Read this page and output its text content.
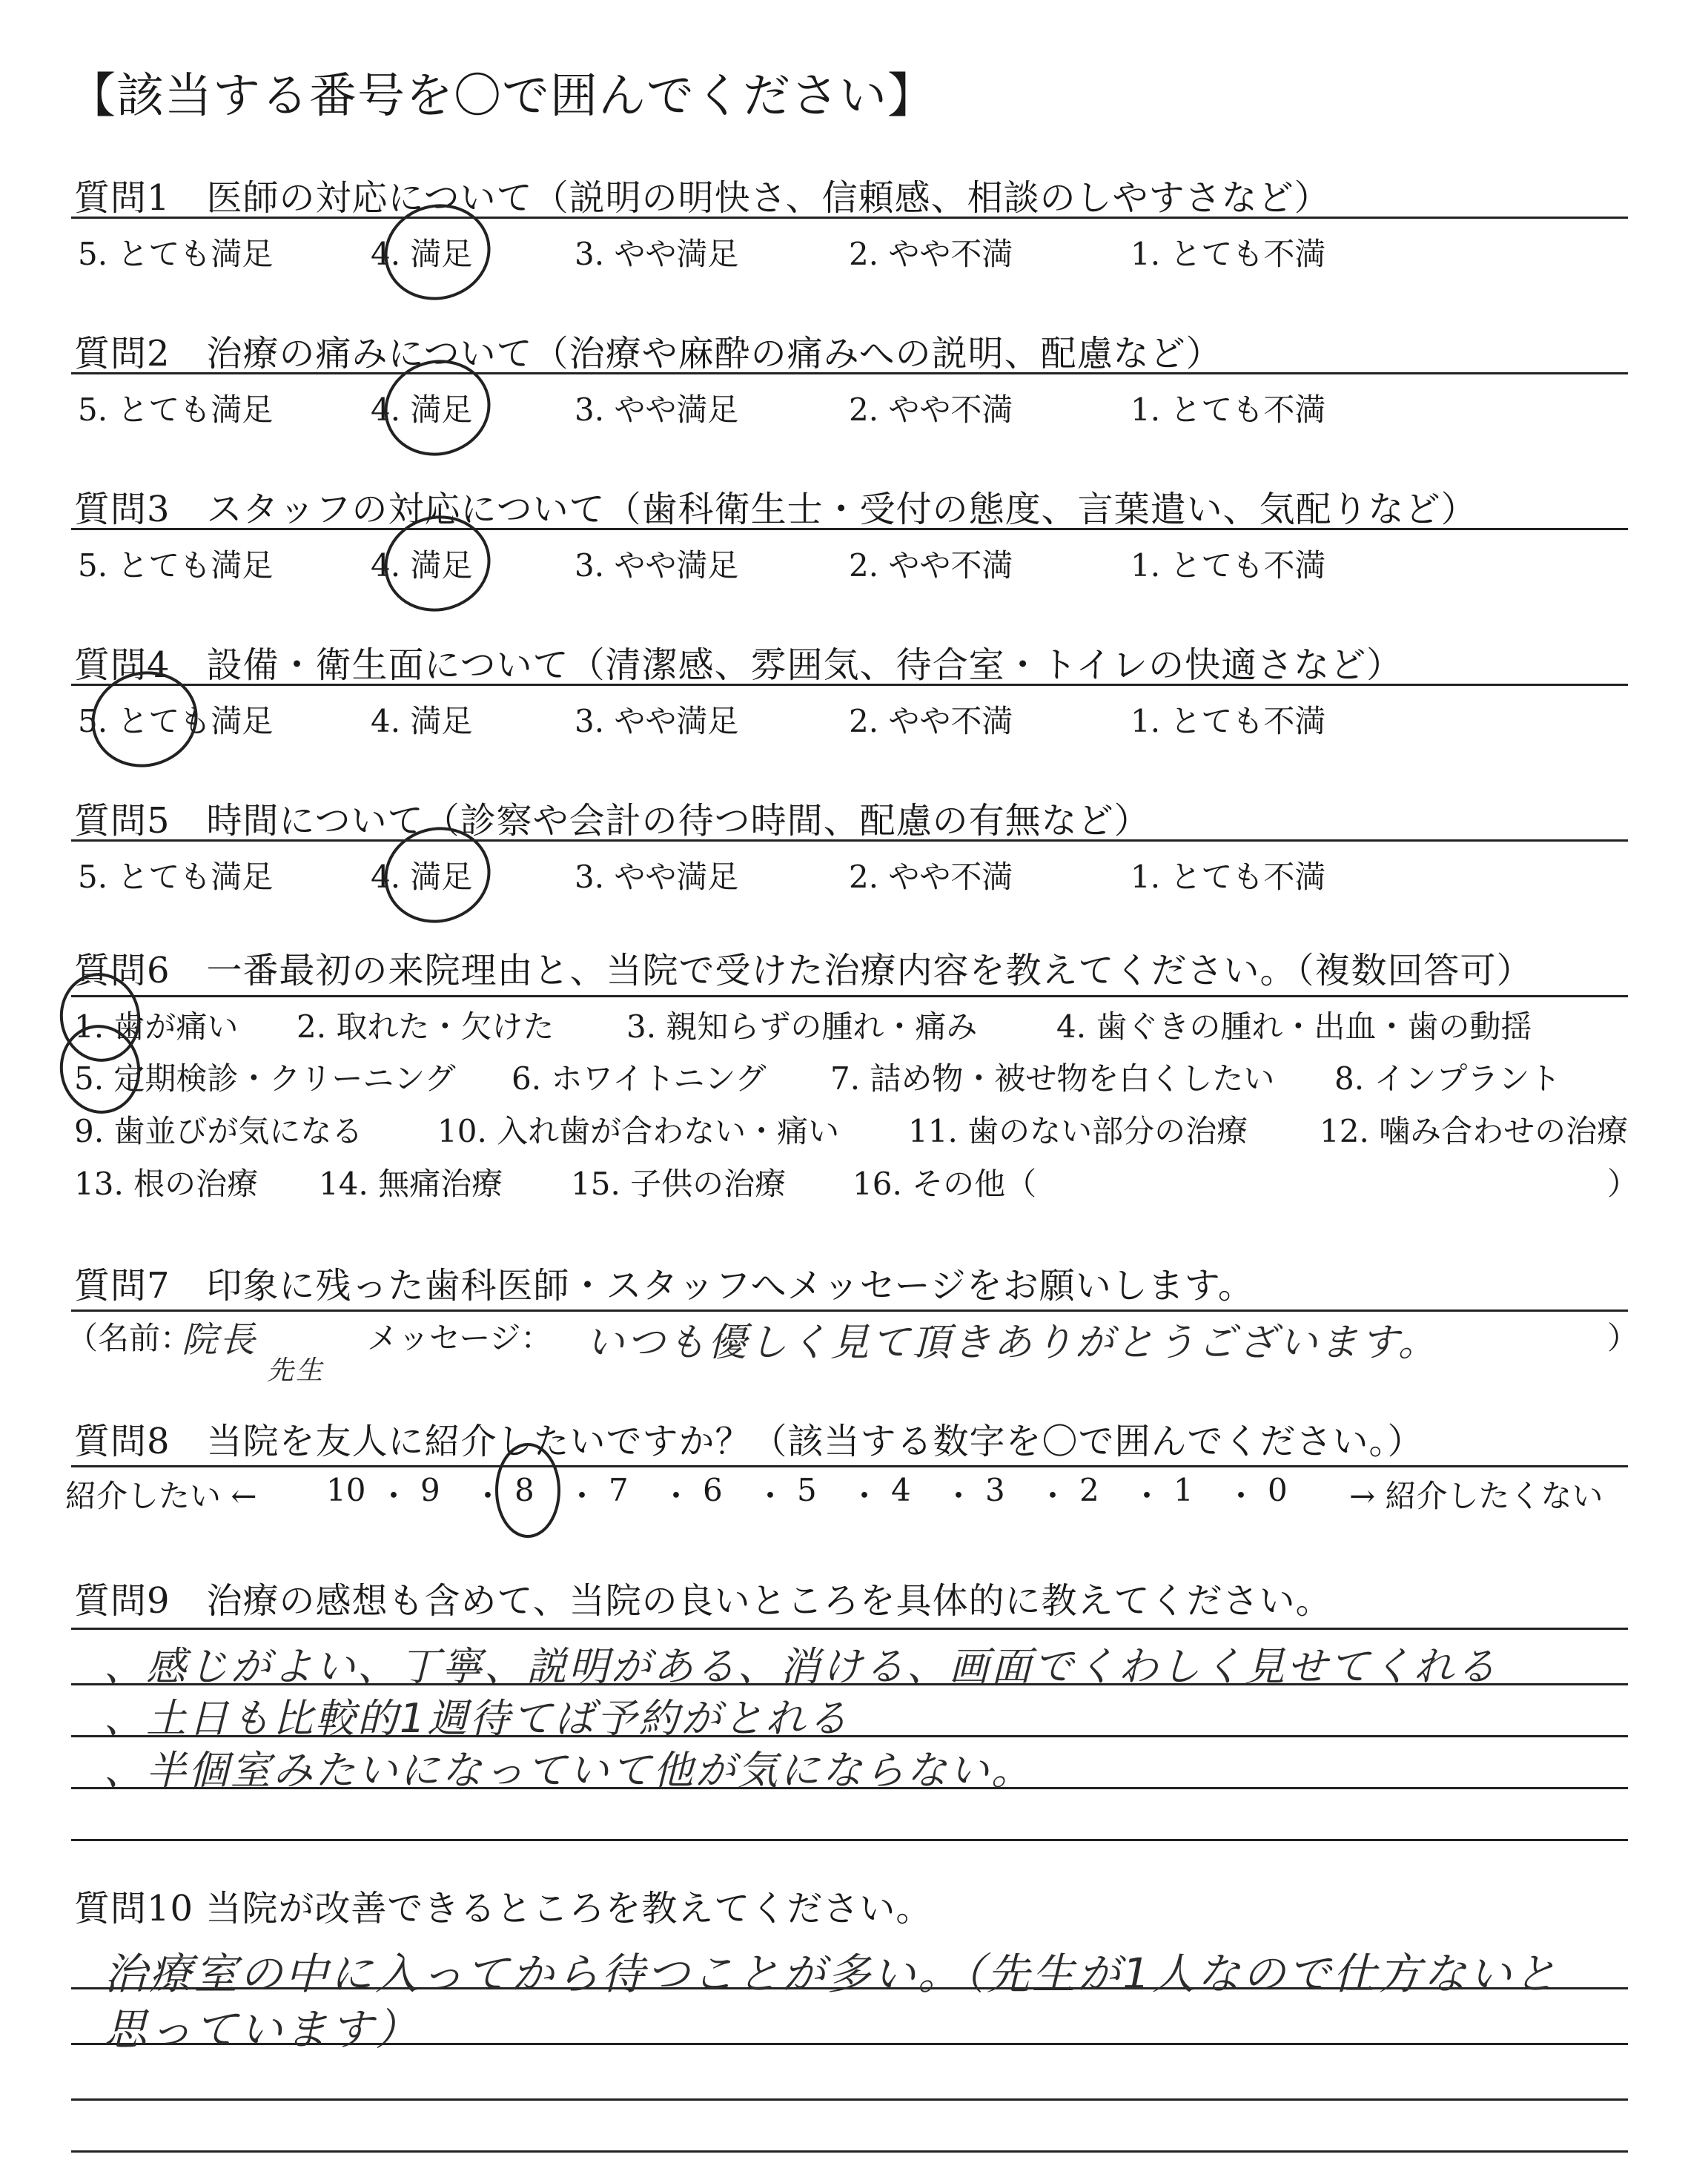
【該当する番号を〇で囲んでください】
質問1　医師の対応について（説明の明快さ、信頼感、相談のしやすさなど）
5. とても満足	4. 満足	3. やや満足	2. やや不満	1. とても不満
質問2　治療の痛みについて（治療や麻酔の痛みへの説明、配慮など）
5. とても満足	4. 満足	3. やや満足	2. やや不満	1. とても不満
質問3　スタッフの対応について（歯科衛生士・受付の態度、言葉遣い、気配りなど）
5. とても満足	4. 満足	3. やや満足	2. やや不満	1. とても不満
質問4　設備・衛生面について（清潔感、雰囲気、待合室・トイレの快適さなど）
5. とても満足	4. 満足	3. やや満足	2. やや不満	1. とても不満
質問5　時間について（診察や会計の待つ時間、配慮の有無など）
5. とても満足	4. 満足	3. やや満足	2. やや不満	1. とても不満
質問6　一番最初の来院理由と、当院で受けた治療内容を教えてください。（複数回答可）
1. 歯が痛い 2. 取れた・欠けた 3. 親知らずの腫れ・痛み	4. 歯ぐきの腫れ・出血・歯の動揺
5. 定期検診・クリーニング 6. ホワイトニング 7. 詰め物・被せ物を白くしたい 8. インプラント
9. 歯並びが気になる 10. 入れ歯が合わない・痛い 11. 歯のない部分の治療 12. 噛み合わせの治療
13. 根の治療 14. 無痛治療 15. 子供の治療 16. その他（	）
質問7　印象に残った歯科医師・スタッフへメッセージをお願いします。
（名前：
院長
先生
メッセージ： いつも優しく見て頂きありがとうございます。	）
質問8　当院を友人に紹介したいですか？（該当する数字を〇で囲んでください。）
紹介したい ← 10 ・ 9 ・ 8 ・ 7 ・ 6 ・ 5 ・ 4 ・ 3 ・ 2 ・ 1 ・ 0 → 紹介したくない
質問9　治療の感想も含めて、当院の良いところを具体的に教えてください。
、感じがよい、丁寧、説明がある、消ける、画面でくわしく見せてくれる
、土日も比較的1週待てば予約がとれる
、半個室みたいになっていて他が気にならない。
質問10 当院が改善できるところを教えてください。
治療室の中に入ってから待つことが多い。（先生が1人なので仕方ないと
思っています）
